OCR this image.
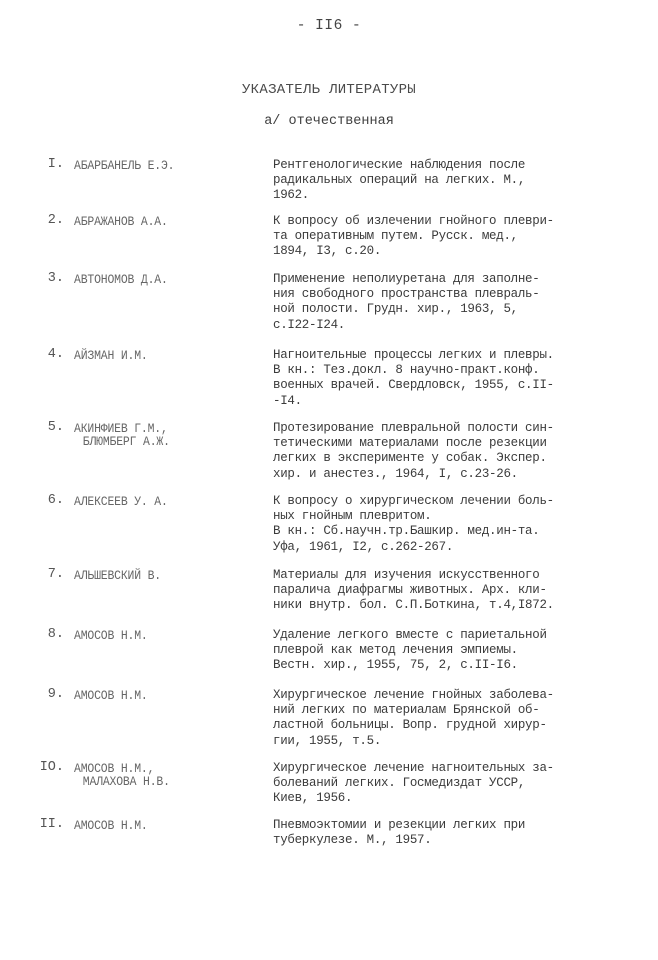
- II6 -
УКАЗАТЕЛЬ ЛИТЕРАТУРЫ
а/ отечественная
I. АБАРБАНЕЛЬ Е.Э.	Рентгенологические наблюдения после
радикальных операций на легких. М.,
1962.
2. АБРАЖАНОВ А.А.	К вопросу об излечении гнойного плеври-
та оперативным путем. Русск. мед.,
1894, I3, с.20.
3. АВТОНОМОВ Д.А.	Применение неполиуретана для заполне-
ния свободного пространства плевраль-
ной полости. Грудн. хир., 1963, 5,
с.I22-I24.
4. АЙЗМАН И.М.	Нагноительные процессы легких и плевры.
В кн.: Тез.докл. 8 научно-практ.конф.
военных врачей. Свердловск, 1955, с.II-
-I4.
5. АКИНФИЕВ Г.М.,
БЛЮМБЕРГ А.Ж.
Протезирование плевральной полости син-
тетическими материалами после резекции
легких в эксперименте у собак. Экспер.
хир. и анестез., 1964, I, с.23-26.
6. АЛЕКСЕЕВ У. А.	К вопросу о хирургическом лечении боль-
ных гнойным плевритом.
В кн.: Сб.научн.тр.Башкир. мед.ин-та.
Уфа, 1961, I2, с.262-267.
7. АЛЬШЕВСКИЙ В.	Материалы для изучения искусственного
паралича диафрагмы животных. Арх. кли-
ники внутр. бол. С.П.Боткина, т.4,I872.
8. АМОСОВ Н.М.	Удаление легкого вместе с париетальной
плеврой как метод лечения эмпиемы.
Вестн. хир., 1955, 75, 2, с.II-I6.
9. АМОСОВ Н.М.	Хирургическое лечение гнойных заболева-
ний легких по материалам Брянской об-
ластной больницы. Вопр. грудной хирур-
гии, 1955, т.5.
IO. АМОСОВ Н.М.,
МАЛАХОВА Н.В.
Хирургическое лечение нагноительных за-
болеваний легких. Госмедиздат УССР,
Киев, 1956.
II. АМОСОВ Н.М.	Пневмоэктомии и резекции легких при
туберкулезе. М., 1957.
